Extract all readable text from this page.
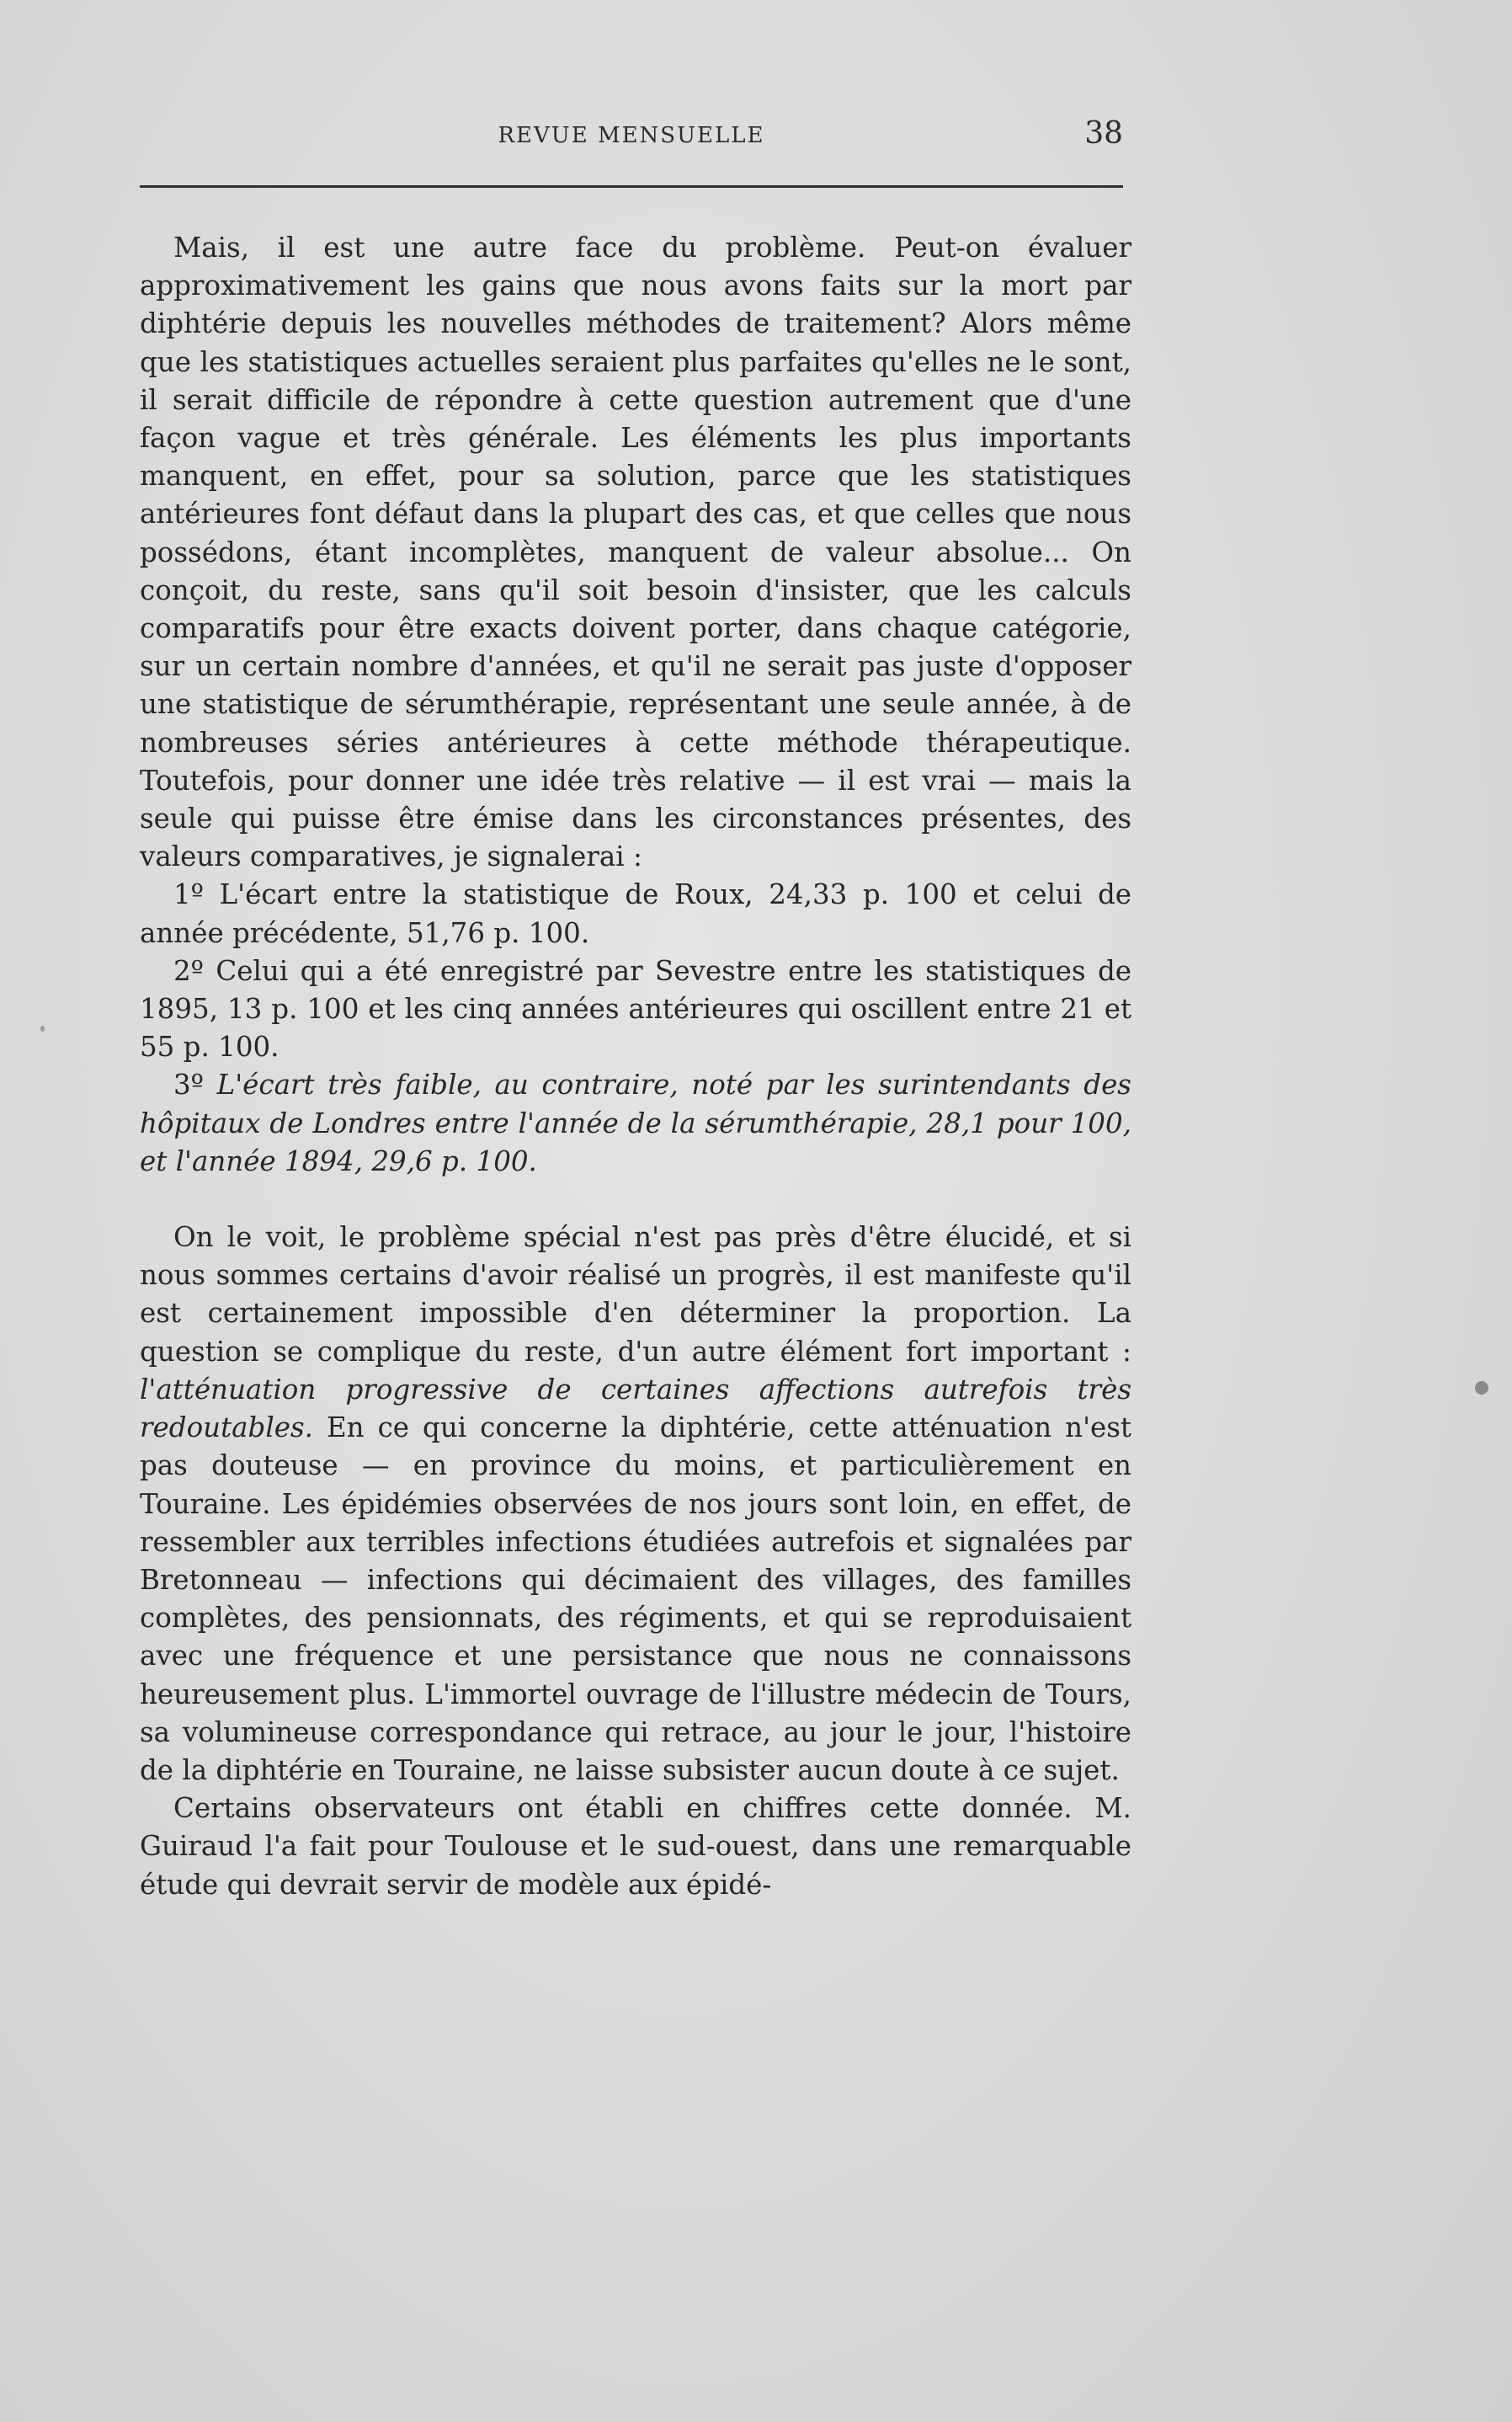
REVUE MENSUELLE	38

Mais, il est une autre face du problème. Peut-on évaluer approximativement les gains que nous avons faits sur la mort par diphtérie depuis les nouvelles méthodes de traitement? Alors même que les statistiques actuelles seraient plus parfaites qu'elles ne le sont, il serait difficile de répondre à cette question autrement que d'une façon vague et très générale. Les éléments les plus importants manquent, en effet, pour sa solution, parce que les statistiques antérieures font défaut dans la plupart des cas, et que celles que nous possédons, étant incomplètes, manquent de valeur absolue... On conçoit, du reste, sans qu'il soit besoin d'insister, que les calculs comparatifs pour être exacts doivent porter, dans chaque catégorie, sur un certain nombre d'années, et qu'il ne serait pas juste d'opposer une statistique de sérumthérapie, représentant une seule année, à de nombreuses séries antérieures à cette méthode thérapeutique. Toutefois, pour donner une idée très relative — il est vrai — mais la seule qui puisse être émise dans les circonstances présentes, des valeurs comparatives, je signalerai :

1º L'écart entre la statistique de Roux, 24,33 p. 100 et celui de année précédente, 51,76 p. 100.

2º Celui qui a été enregistré par Sevestre entre les statistiques de 1895, 13 p. 100 et les cinq années antérieures qui oscillent entre 21 et 55 p. 100.

3º L'écart très faible, au contraire, noté par les surintendants des hôpitaux de Londres entre l'année de la sérumthérapie, 28,1 pour 100, et l'année 1894, 29,6 p. 100.

On le voit, le problème spécial n'est pas près d'être élucidé, et si nous sommes certains d'avoir réalisé un progrès, il est manifeste qu'il est certainement impossible d'en déterminer la proportion. La question se complique du reste, d'un autre élément fort important : l'atténuation progressive de certaines affections autrefois très redoutables. En ce qui concerne la diphtérie, cette atténuation n'est pas douteuse — en province du moins, et particulièrement en Touraine. Les épidémies observées de nos jours sont loin, en effet, de ressembler aux terribles infections étudiées autrefois et signalées par Bretonneau — infections qui décimaient des villages, des familles complètes, des pensionnats, des régiments, et qui se reproduisaient avec une fréquence et une persistance que nous ne connaissons heureusement plus. L'immortel ouvrage de l'illustre médecin de Tours, sa volumineuse correspondance qui retrace, au jour le jour, l'histoire de la diphtérie en Touraine, ne laisse subsister aucun doute à ce sujet.

Certains observateurs ont établi en chiffres cette donnée. M. Guiraud l'a fait pour Toulouse et le sud-ouest, dans une remarquable étude qui devrait servir de modèle aux épidé-
